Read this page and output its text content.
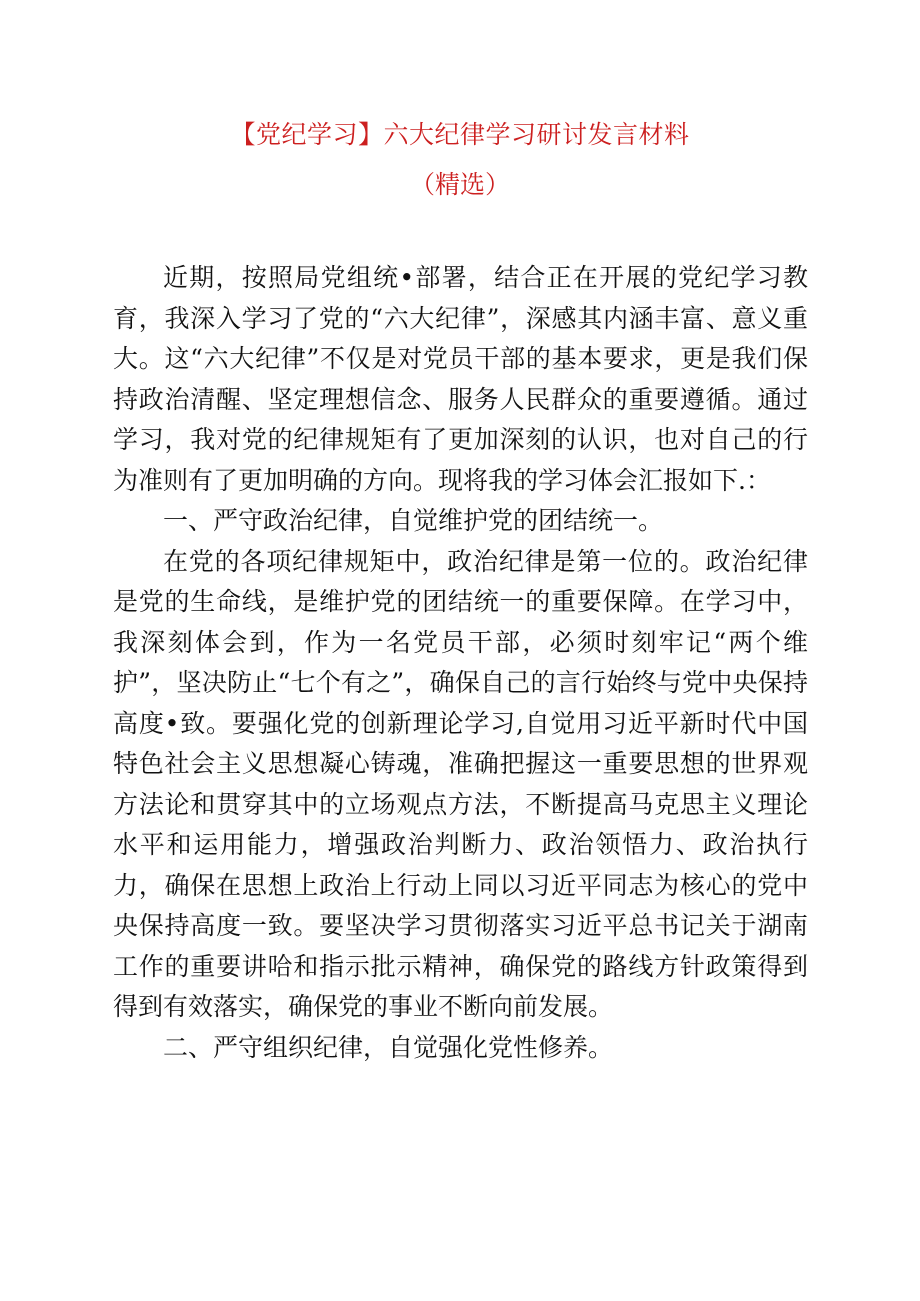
【党纪学习】六大纪律学习研讨发言材料
（精选）

近期，按照局党组统•部署，结合正在开展的党纪学习教育，我深入学习了党的“六大纪律”，深感其内涵丰富、意义重大。这“六大纪律”不仅是对党员干部的基本要求，更是我们保持政治清醒、坚定理想信念、服务人民群众的重要遵循。通过学习，我对党的纪律规矩有了更加深刻的认识，也对自己的行为准则有了更加明确的方向。现将我的学习体会汇报如下.：

一、严守政治纪律，自觉维护党的团结统一。

在党的各项纪律规矩中，政治纪律是第一位的。政治纪律是党的生命线，是维护党的团结统一的重要保障。在学习中，我深刻体会到，作为一名党员干部，必须时刻牢记“两个维护”，坚决防止“七个有之”，确保自己的言行始终与党中央保持高度•致。要强化党的创新理论学习,自觉用习近平新时代中国特色社会主义思想凝心铸魂，准确把握这一重要思想的世界观方法论和贯穿其中的立场观点方法，不断提高马克思主义理论水平和运用能力，增强政治判断力、政治领悟力、政治执行力，确保在思想上政治上行动上同以习近平同志为核心的党中央保持高度一致。要坚决学习贯彻落实习近平总书记关于湖南工作的重要讲哈和指示批示精神，确保党的路线方针政策得到得到有效落实，确保党的事业不断向前发展。

二、严守组织纪律，自觉强化党性修养。
